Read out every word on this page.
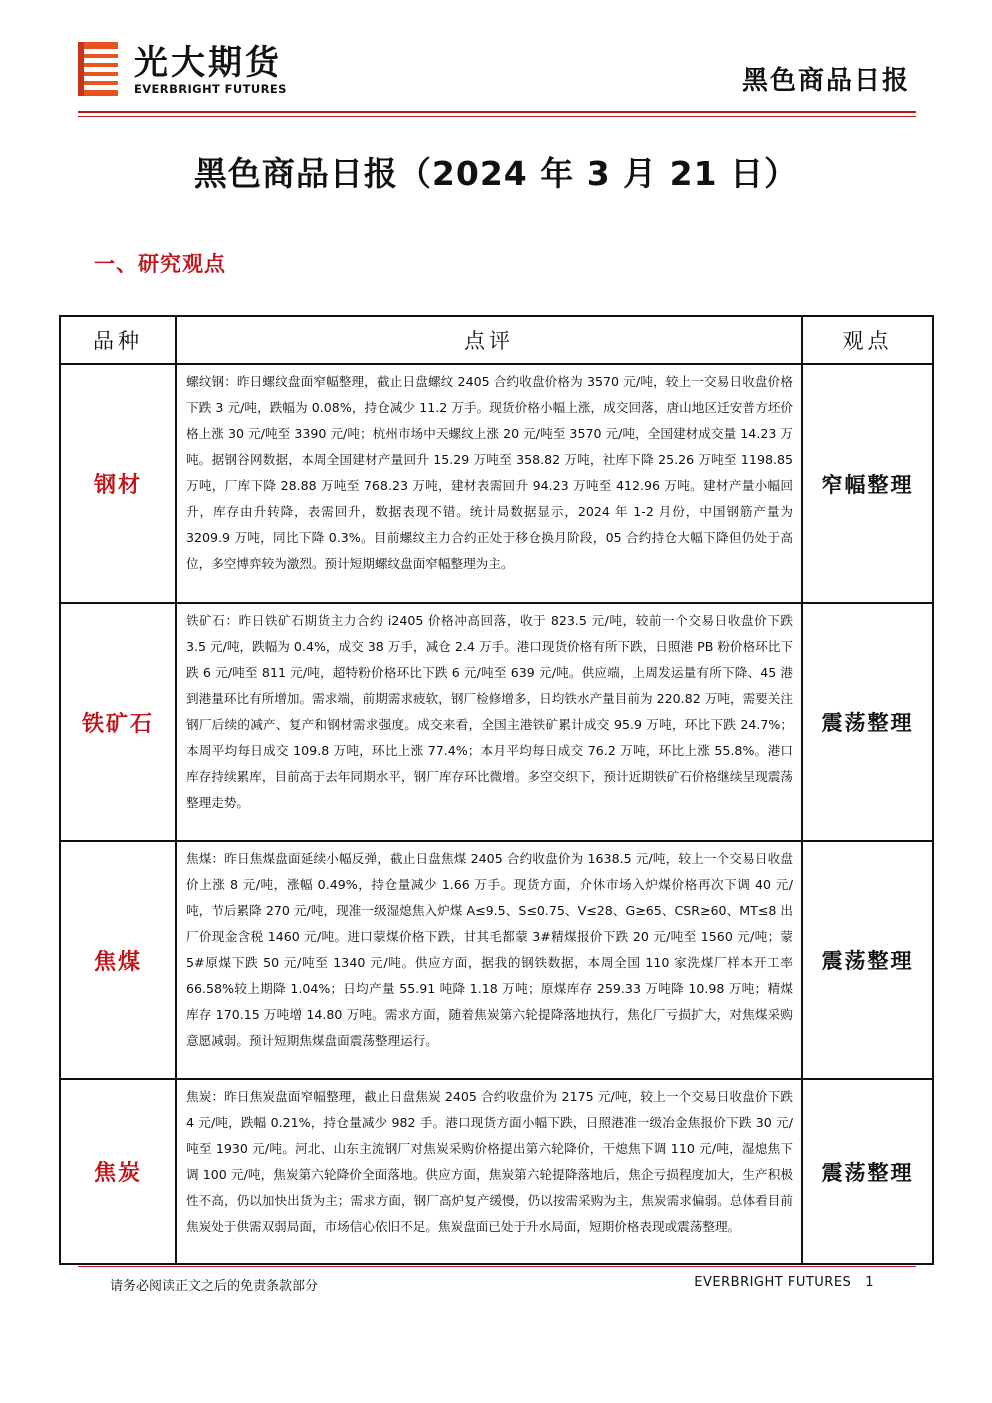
光大期货
EVERBRIGHT FUTURES	黑色商品日报
黑色商品日报（2024 年 3 月 21 日）
一、研究观点
品种	点评	观点
钢材	螺纹钢：昨日螺纹盘面窄幅整理，截止日盘螺纹 2405 合约收盘价格为 3570 元/吨，较上一交易日收盘价格下跌 3 元/吨，跌幅为 0.08%，持仓减少 11.2 万手。现货价格小幅上涨，成交回落，唐山地区迁安普方坯价格上涨 30 元/吨至 3390 元/吨；杭州市场中天螺纹上涨 20 元/吨至 3570 元/吨，全国建材成交量 14.23 万吨。据钢谷网数据，本周全国建材产量回升 15.29 万吨至 358.82 万吨，社库下降 25.26 万吨至 1198.85 万吨，厂库下降 28.88 万吨至 768.23 万吨，建材表需回升 94.23 万吨至 412.96 万吨。建材产量小幅回升，库存由升转降，表需回升，数据表现不错。统计局数据显示，2024 年 1-2 月份，中国钢筋产量为 3209.9 万吨，同比下降 0.3%。目前螺纹主力合约正处于移仓换月阶段，05 合约持仓大幅下降但仍处于高位，多空博弈较为激烈。预计短期螺纹盘面窄幅整理为主。	窄幅整理
铁矿石	铁矿石：昨日铁矿石期货主力合约 i2405 价格冲高回落，收于 823.5 元/吨，较前一个交易日收盘价下跌 3.5 元/吨，跌幅为 0.4%，成交 38 万手，减仓 2.4 万手。港口现货价格有所下跌，日照港 PB 粉价格环比下跌 6 元/吨至 811 元/吨，超特粉价格环比下跌 6 元/吨至 639 元/吨。供应端，上周发运量有所下降、45 港到港量环比有所增加。需求端，前期需求疲软，钢厂检修增多，日均铁水产量目前为 220.82 万吨，需要关注钢厂后续的减产、复产和钢材需求强度。成交来看，全国主港铁矿累计成交 95.9 万吨，环比下跌 24.7%；本周平均每日成交 109.8 万吨，环比上涨 77.4%；本月平均每日成交 76.2 万吨，环比上涨 55.8%。港口库存持续累库，目前高于去年同期水平，钢厂库存环比微增。多空交织下，预计近期铁矿石价格继续呈现震荡整理走势。	震荡整理
焦煤	焦煤：昨日焦煤盘面延续小幅反弹，截止日盘焦煤 2405 合约收盘价为 1638.5 元/吨，较上一个交易日收盘价上涨 8 元/吨，涨幅 0.49%，持仓量减少 1.66 万手。现货方面，介休市场入炉煤价格再次下调 40 元/吨，节后累降 270 元/吨，现准一级湿熄焦入炉煤 A≤9.5、S≤0.75、V≤28、G≥65、CSR≥60、MT≤8 出厂价现金含税 1460 元/吨。进口蒙煤价格下跌，甘其毛都蒙 3#精煤报价下跌 20 元/吨至 1560 元/吨；蒙 5#原煤下跌 50 元/吨至 1340 元/吨。供应方面，据我的钢铁数据，本周全国 110 家洗煤厂样本开工率 66.58%较上期降 1.04%；日均产量 55.91 吨降 1.18 万吨；原煤库存 259.33 万吨降 10.98 万吨；精煤库存 170.15 万吨增 14.80 万吨。需求方面，随着焦炭第六轮提降落地执行，焦化厂亏损扩大，对焦煤采购意愿减弱。预计短期焦煤盘面震荡整理运行。	震荡整理
焦炭	焦炭：昨日焦炭盘面窄幅整理，截止日盘焦炭 2405 合约收盘价为 2175 元/吨，较上一个交易日收盘价下跌 4 元/吨，跌幅 0.21%，持仓量减少 982 手。港口现货方面小幅下跌，日照港准一级冶金焦报价下跌 30 元/吨至 1930 元/吨。河北、山东主流钢厂对焦炭采购价格提出第六轮降价，干熄焦下调 110 元/吨，湿熄焦下调 100 元/吨，焦炭第六轮降价全面落地。供应方面，焦炭第六轮提降落地后，焦企亏损程度加大，生产积极性不高，仍以加快出货为主；需求方面，钢厂高炉复产缓慢，仍以按需采购为主，焦炭需求偏弱。总体看目前焦炭处于供需双弱局面，市场信心依旧不足。焦炭盘面已处于升水局面，短期价格表现或震荡整理。	震荡整理
请务必阅读正文之后的免责条款部分	EVERBRIGHT FUTURES 1
